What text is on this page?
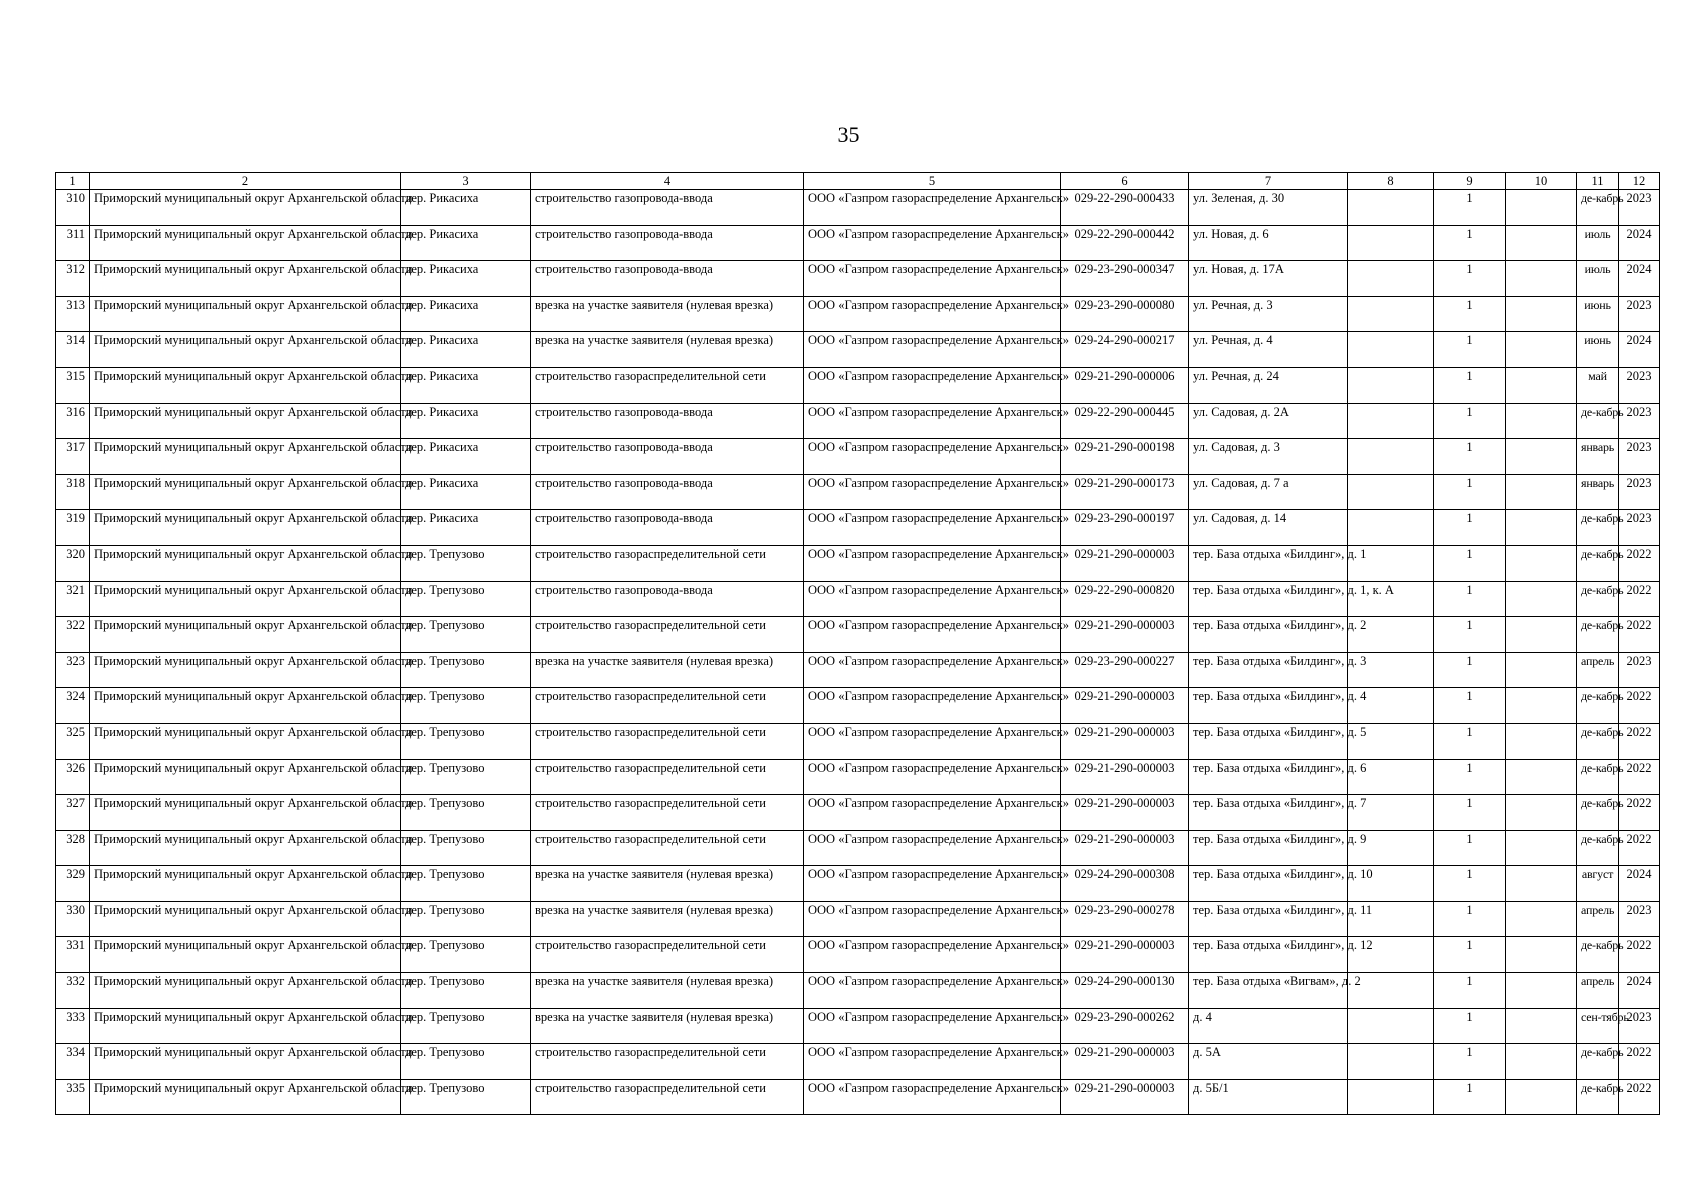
35
1	2	3	4	5	6	7	8	9	10	11	12
310	Приморский муниципальный округ Архангельской области	дер. Рикасиха	строительство газопровода-ввода	ООО «Газпром газораспределение Архангельск»	029-22-290-000433	ул. Зеленая, д. 30		1		де-кабрь	2023
311	Приморский муниципальный округ Архангельской области	дер. Рикасиха	строительство газопровода-ввода	ООО «Газпром газораспределение Архангельск»	029-22-290-000442	ул. Новая, д. 6		1		июль	2024
312	Приморский муниципальный округ Архангельской области	дер. Рикасиха	строительство газопровода-ввода	ООО «Газпром газораспределение Архангельск»	029-23-290-000347	ул. Новая, д. 17А		1		июль	2024
313	Приморский муниципальный округ Архангельской области	дер. Рикасиха	врезка на участке заявителя (нулевая врезка)	ООО «Газпром газораспределение Архангельск»	029-23-290-000080	ул. Речная, д. 3		1		июнь	2023
314	Приморский муниципальный округ Архангельской области	дер. Рикасиха	врезка на участке заявителя (нулевая врезка)	ООО «Газпром газораспределение Архангельск»	029-24-290-000217	ул. Речная, д. 4		1		июнь	2024
315	Приморский муниципальный округ Архангельской области	дер. Рикасиха	строительство газораспределительной сети	ООО «Газпром газораспределение Архангельск»	029-21-290-000006	ул. Речная, д. 24		1		май	2023
316	Приморский муниципальный округ Архангельской области	дер. Рикасиха	строительство газопровода-ввода	ООО «Газпром газораспределение Архангельск»	029-22-290-000445	ул. Садовая, д. 2А		1		де-кабрь	2023
317	Приморский муниципальный округ Архангельской области	дер. Рикасиха	строительство газопровода-ввода	ООО «Газпром газораспределение Архангельск»	029-21-290-000198	ул. Садовая, д. 3		1		январь	2023
318	Приморский муниципальный округ Архангельской области	дер. Рикасиха	строительство газопровода-ввода	ООО «Газпром газораспределение Архангельск»	029-21-290-000173	ул. Садовая, д. 7 а		1		январь	2023
319	Приморский муниципальный округ Архангельской области	дер. Рикасиха	строительство газопровода-ввода	ООО «Газпром газораспределение Архангельск»	029-23-290-000197	ул. Садовая, д. 14		1		де-кабрь	2023
320	Приморский муниципальный округ Архангельской области	дер. Трепузово	строительство газораспределительной сети	ООО «Газпром газораспределение Архангельск»	029-21-290-000003	тер. База отдыха «Билдинг», д. 1		1		де-кабрь	2022
321	Приморский муниципальный округ Архангельской области	дер. Трепузово	строительство газопровода-ввода	ООО «Газпром газораспределение Архангельск»	029-22-290-000820	тер. База отдыха «Билдинг», д. 1, к. А		1		де-кабрь	2022
322	Приморский муниципальный округ Архангельской области	дер. Трепузово	строительство газораспределительной сети	ООО «Газпром газораспределение Архангельск»	029-21-290-000003	тер. База отдыха «Билдинг», д. 2		1		де-кабрь	2022
323	Приморский муниципальный округ Архангельской области	дер. Трепузово	врезка на участке заявителя (нулевая врезка)	ООО «Газпром газораспределение Архангельск»	029-23-290-000227	тер. База отдыха «Билдинг», д. 3		1		апрель	2023
324	Приморский муниципальный округ Архангельской области	дер. Трепузово	строительство газораспределительной сети	ООО «Газпром газораспределение Архангельск»	029-21-290-000003	тер. База отдыха «Билдинг», д. 4		1		де-кабрь	2022
325	Приморский муниципальный округ Архангельской области	дер. Трепузово	строительство газораспределительной сети	ООО «Газпром газораспределение Архангельск»	029-21-290-000003	тер. База отдыха «Билдинг», д. 5		1		де-кабрь	2022
326	Приморский муниципальный округ Архангельской области	дер. Трепузово	строительство газораспределительной сети	ООО «Газпром газораспределение Архангельск»	029-21-290-000003	тер. База отдыха «Билдинг», д. 6		1		де-кабрь	2022
327	Приморский муниципальный округ Архангельской области	дер. Трепузово	строительство газораспределительной сети	ООО «Газпром газораспределение Архангельск»	029-21-290-000003	тер. База отдыха «Билдинг», д. 7		1		де-кабрь	2022
328	Приморский муниципальный округ Архангельской области	дер. Трепузово	строительство газораспределительной сети	ООО «Газпром газораспределение Архангельск»	029-21-290-000003	тер. База отдыха «Билдинг», д. 9		1		де-кабрь	2022
329	Приморский муниципальный округ Архангельской области	дер. Трепузово	врезка на участке заявителя (нулевая врезка)	ООО «Газпром газораспределение Архангельск»	029-24-290-000308	тер. База отдыха «Билдинг», д. 10		1		август	2024
330	Приморский муниципальный округ Архангельской области	дер. Трепузово	врезка на участке заявителя (нулевая врезка)	ООО «Газпром газораспределение Архангельск»	029-23-290-000278	тер. База отдыха «Билдинг», д. 11		1		апрель	2023
331	Приморский муниципальный округ Архангельской области	дер. Трепузово	строительство газораспределительной сети	ООО «Газпром газораспределение Архангельск»	029-21-290-000003	тер. База отдыха «Билдинг», д. 12		1		де-кабрь	2022
332	Приморский муниципальный округ Архангельской области	дер. Трепузово	врезка на участке заявителя (нулевая врезка)	ООО «Газпром газораспределение Архангельск»	029-24-290-000130	тер. База отдыха «Вигвам», д. 2		1		апрель	2024
333	Приморский муниципальный округ Архангельской области	дер. Трепузово	врезка на участке заявителя (нулевая врезка)	ООО «Газпром газораспределение Архангельск»	029-23-290-000262	д. 4		1		сен-тябрь	2023
334	Приморский муниципальный округ Архангельской области	дер. Трепузово	строительство газораспределительной сети	ООО «Газпром газораспределение Архангельск»	029-21-290-000003	д. 5А		1		де-кабрь	2022
335	Приморский муниципальный округ Архангельской области	дер. Трепузово	строительство газораспределительной сети	ООО «Газпром газораспределение Архангельск»	029-21-290-000003	д. 5Б/1		1		де-кабрь	2022
